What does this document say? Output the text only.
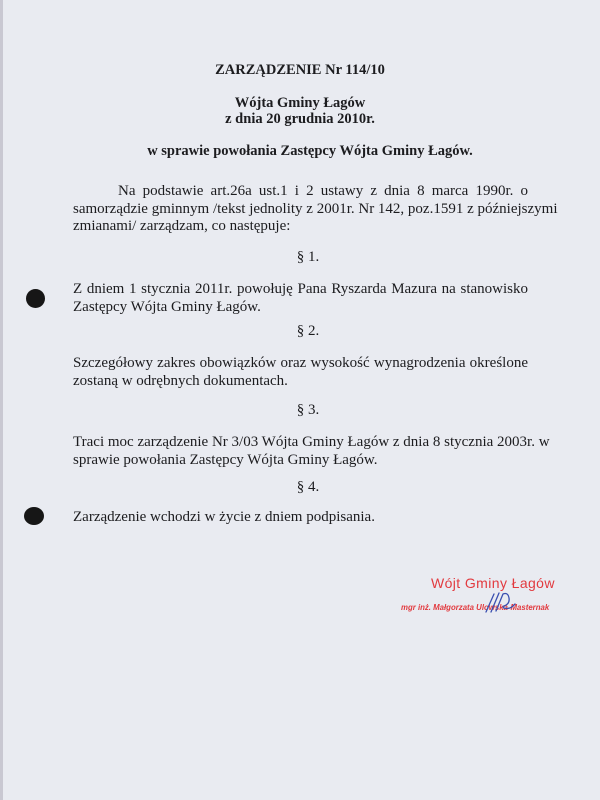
ZARZĄDZENIE Nr 114/10
Wójta Gminy Łagów
z dnia 20 grudnia 2010r.
w sprawie powołania Zastępcy Wójta Gminy Łagów.
Na podstawie art.26a ust.1 i 2 ustawy z dnia 8 marca 1990r. o
samorządzie gminnym /tekst jednolity z 2001r. Nr 142, poz.1591 z późniejszymi
zmianami/ zarządzam, co następuje:
§ 1.
Z dniem 1 stycznia 2011r. powołuję Pana Ryszarda Mazura na stanowisko
Zastępcy Wójta Gminy Łagów.
§ 2.
Szczegółowy zakres obowiązków oraz wysokość wynagrodzenia określone
zostaną w odrębnych dokumentach.
§ 3.
Traci moc zarządzenie Nr 3/03 Wójta Gminy Łagów z dnia 8 stycznia 2003r. w
sprawie powołania Zastępcy Wójta Gminy Łagów.
§ 4.
Zarządzenie wchodzi w życie z dniem podpisania.
Wójt Gminy Łagów
mgr inż. Małgorzata Ulowska-Masternak
